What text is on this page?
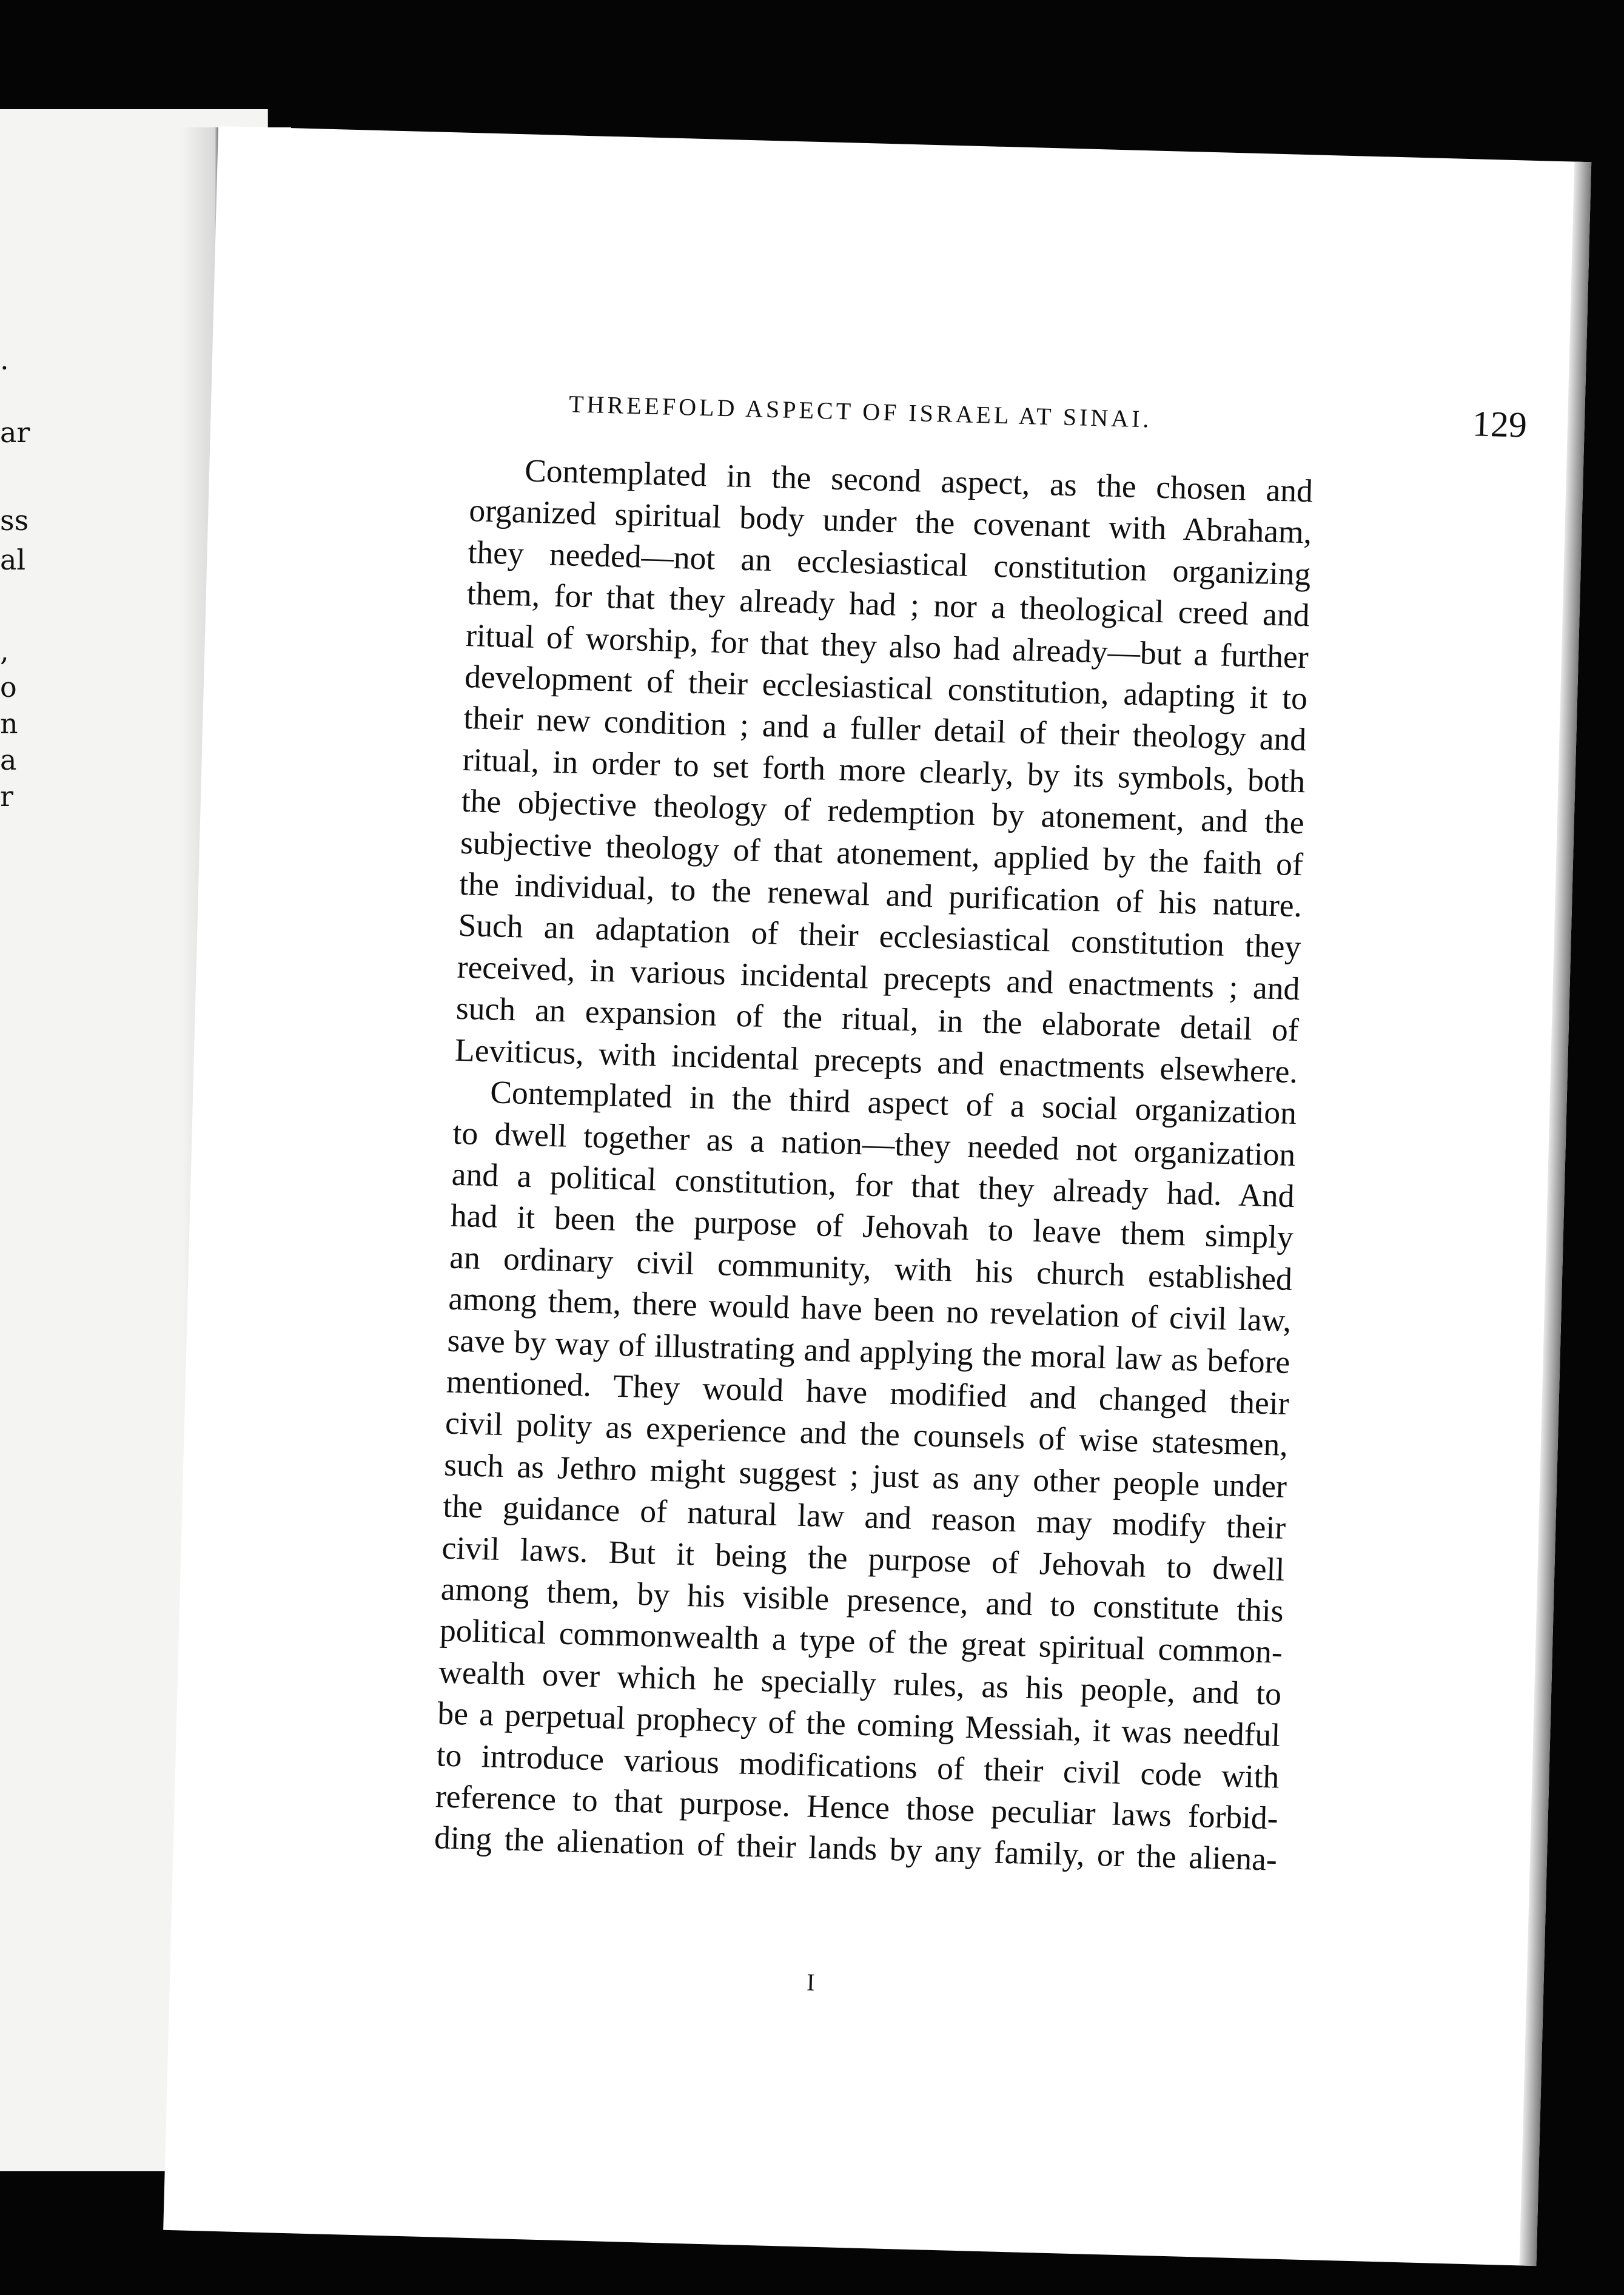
.
ar
ss
al
,
o
n
a
r
THREEFOLD ASPECT OF ISRAEL AT SINAI.	129

Contemplated in the second aspect, as the chosen and
organized spiritual body under the covenant with Abraham,
they needed—not an ecclesiastical constitution organizing
them, for that they already had ; nor a theological creed and
ritual of worship, for that they also had already—but a further
development of their ecclesiastical constitution, adapting it to
their new condition ; and a fuller detail of their theology and
ritual, in order to set forth more clearly, by its symbols, both
the objective theology of redemption by atonement, and the
subjective theology of that atonement, applied by the faith of
the individual, to the renewal and purification of his nature.
Such an adaptation of their ecclesiastical constitution they
received, in various incidental precepts and enactments ; and
such an expansion of the ritual, in the elaborate detail of
Leviticus, with incidental precepts and enactments elsewhere.

Contemplated in the third aspect of a social organization
to dwell together as a nation—they needed not organization
and a political constitution, for that they already had. And
had it been the purpose of Jehovah to leave them simply
an ordinary civil community, with his church established
among them, there would have been no revelation of civil law,
save by way of illustrating and applying the moral law as before
mentioned. They would have modified and changed their
civil polity as experience and the counsels of wise statesmen,
such as Jethro might suggest ; just as any other people under
the guidance of natural law and reason may modify their
civil laws. But it being the purpose of Jehovah to dwell
among them, by his visible presence, and to constitute this
political commonwealth a type of the great spiritual common-
wealth over which he specially rules, as his people, and to
be a perpetual prophecy of the coming Messiah, it was needful
to introduce various modifications of their civil code with
reference to that purpose. Hence those peculiar laws forbid-
ding the alienation of their lands by any family, or the aliena-

I
